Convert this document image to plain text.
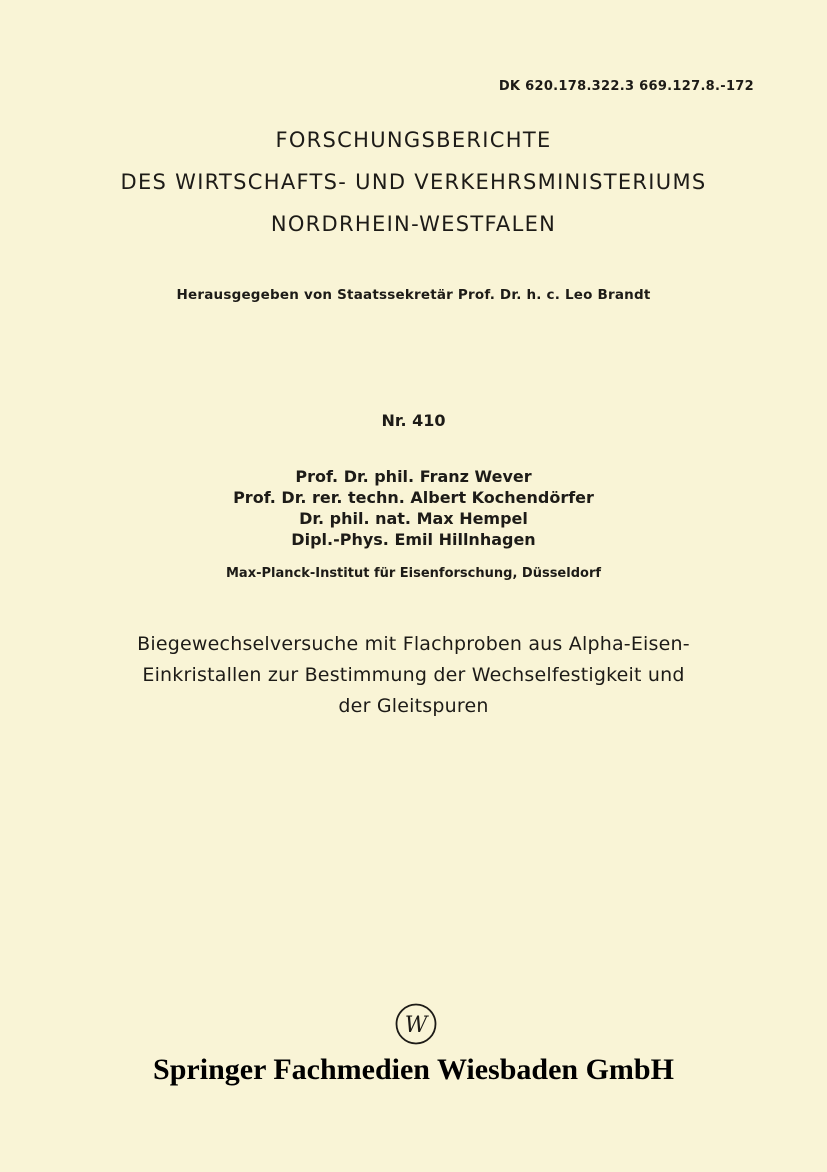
DK 620.178.322.3 669.127.8.-172
FORSCHUNGSBERICHTE
DES WIRTSCHAFTS- UND VERKEHRSMINISTERIUMS
NORDRHEIN-WESTFALEN
Herausgegeben von Staatssekretär Prof. Dr. h. c. Leo Brandt
Nr. 410
Prof. Dr. phil. Franz Wever
Prof. Dr. rer. techn. Albert Kochendörfer
Dr. phil. nat. Max Hempel
Dipl.-Phys. Emil Hillnhagen
Max-Planck-Institut für Eisenforschung, Düsseldorf
Biegewechselversuche mit Flachproben aus Alpha-Eisen-
Einkristallen zur Bestimmung der Wechselfestigkeit und
der Gleitspuren
W
Springer Fachmedien Wiesbaden GmbH
